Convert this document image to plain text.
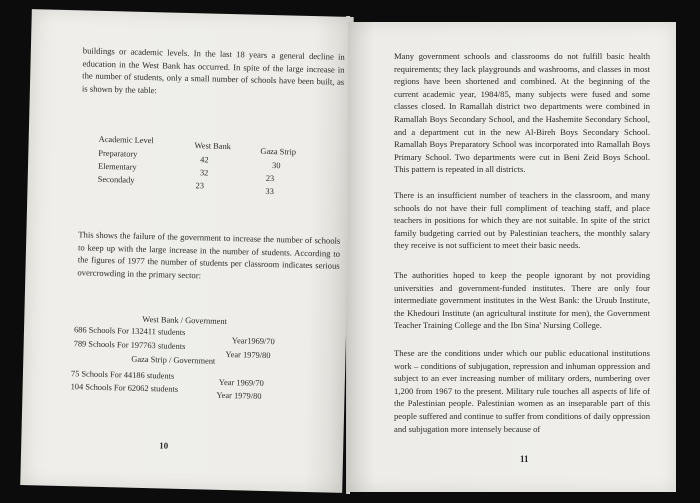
buildings or academic levels. In the last 18 years a general decline in education in the West Bank has occurred. In spite of the large increase in the number of students, only a small number of schools have been built, as is shown by the table:

Academic Level
West Bank
Gaza Strip
Preparatory
42
30
Elementary
32
23
Secondady
23
33

This shows the failure of the government to increase the number of schools to keep up with the large increase in the number of students. According to the figures of 1977 the number of students per classroom indicates serious overcrowding in the primary sector:

West Bank / Government
686 Schools For 132411 students
Year1969/70
789 Schools For 197763 students
Year 1979/80
Gaza Strip / Government
75 Schools For 44186 students
Year 1969/70
104 Schools For 62062 students
Year 1979/80
10

Many government schools and classrooms do not fulfill basic health requirements; they lack playgrounds and washrooms, and classes in most regions have been shortened and combined. At the beginning of the current academic year, 1984/85, many subjects were fused and some classes closed. In Ramallah district two departments were combined in Ramallah Boys Secondary School, and the Hashemite Secondary School, and a department cut in the new Al-Bireh Boys Secondary School. Ramallah Boys Preparatory School was incorporated into Ramallah Boys Primary School. Two departments were cut in Beni Zeid Boys School. This pattern is repeated in all districts.

There is an insufficient number of teachers in the classroom, and many schools do not have their full compliment of teaching staff, and place teachers in positions for which they are not suitable. In spite of the strict family budgeting carried out by Palestinian teachers, the monthly salary they receive is not sufficient to meet their basic needs.

The authorities hoped to keep the people ignorant by not providing universities and government-funded institutes. There are only four intermediate government institutes in the West Bank: the Uruub Institute, the Khedouri Institute (an agricultural institute for men), the Government Teacher Training College and the Ibn Sina' Nursing College.

These are the conditions under which our public educational institutions work – conditions of subjugation, repression and inhuman oppression and subject to an ever increasing number of military orders, numbering over 1,200 from 1967 to the present. Military rule touches all aspects of life of the Palestinian people. Palestinian women as an inseparable part of this people suffered and continue to suffer from conditions of daily oppression and subjugation more intensely because of

11
